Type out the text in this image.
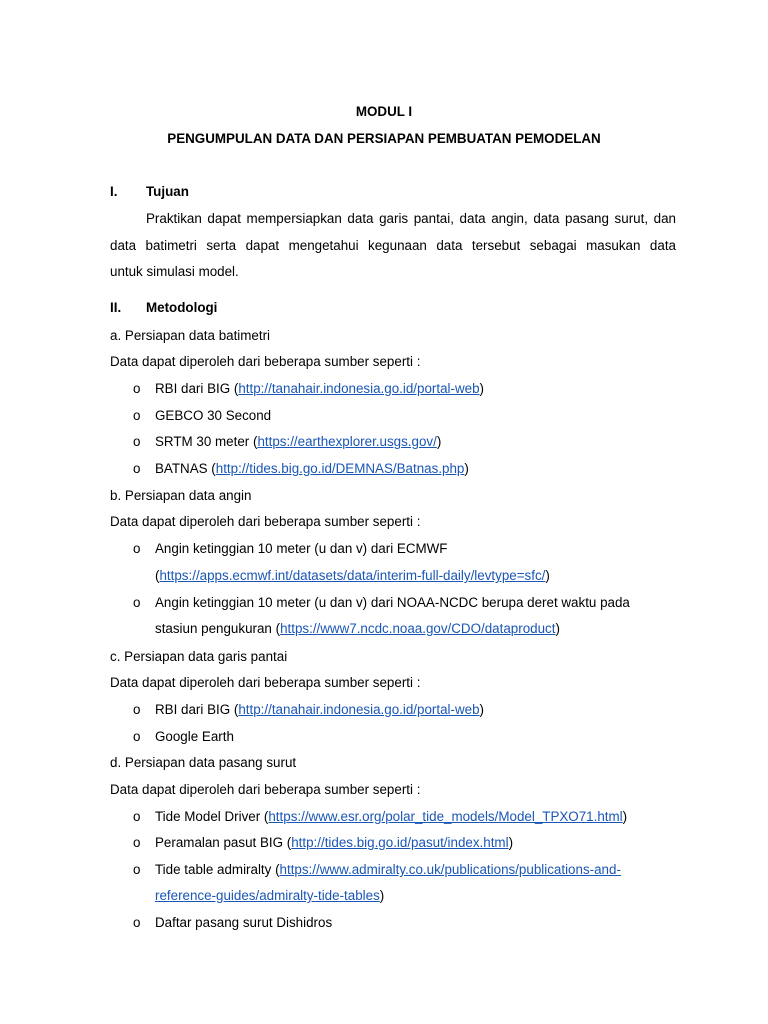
MODUL I
PENGUMPULAN DATA DAN PERSIAPAN PEMBUATAN PEMODELAN
I. Tujuan
Praktikan dapat mempersiapkan data garis pantai, data angin, data pasang surut, dan
data batimetri serta dapat mengetahui kegunaan data tersebut sebagai masukan data
untuk simulasi model.
II. Metodologi
a. Persiapan data batimetri
Data dapat diperoleh dari beberapa sumber seperti :
o RBI dari BIG (http://tanahair.indonesia.go.id/portal-web)
o GEBCO 30 Second
o SRTM 30 meter (https://earthexplorer.usgs.gov/)
o BATNAS (http://tides.big.go.id/DEMNAS/Batnas.php)
b. Persiapan data angin
Data dapat diperoleh dari beberapa sumber seperti :
o Angin ketinggian 10 meter (u dan v) dari ECMWF
(https://apps.ecmwf.int/datasets/data/interim-full-daily/levtype=sfc/)
o Angin ketinggian 10 meter (u dan v) dari NOAA-NCDC berupa deret waktu pada
stasiun pengukuran (https://www7.ncdc.noaa.gov/CDO/dataproduct)
c. Persiapan data garis pantai
Data dapat diperoleh dari beberapa sumber seperti :
o RBI dari BIG (http://tanahair.indonesia.go.id/portal-web)
o Google Earth
d. Persiapan data pasang surut
Data dapat diperoleh dari beberapa sumber seperti :
o Tide Model Driver (https://www.esr.org/polar_tide_models/Model_TPXO71.html)
o Peramalan pasut BIG (http://tides.big.go.id/pasut/index.html)
o Tide table admiralty (https://www.admiralty.co.uk/publications/publications-and-
reference-guides/admiralty-tide-tables)
o Daftar pasang surut Dishidros
